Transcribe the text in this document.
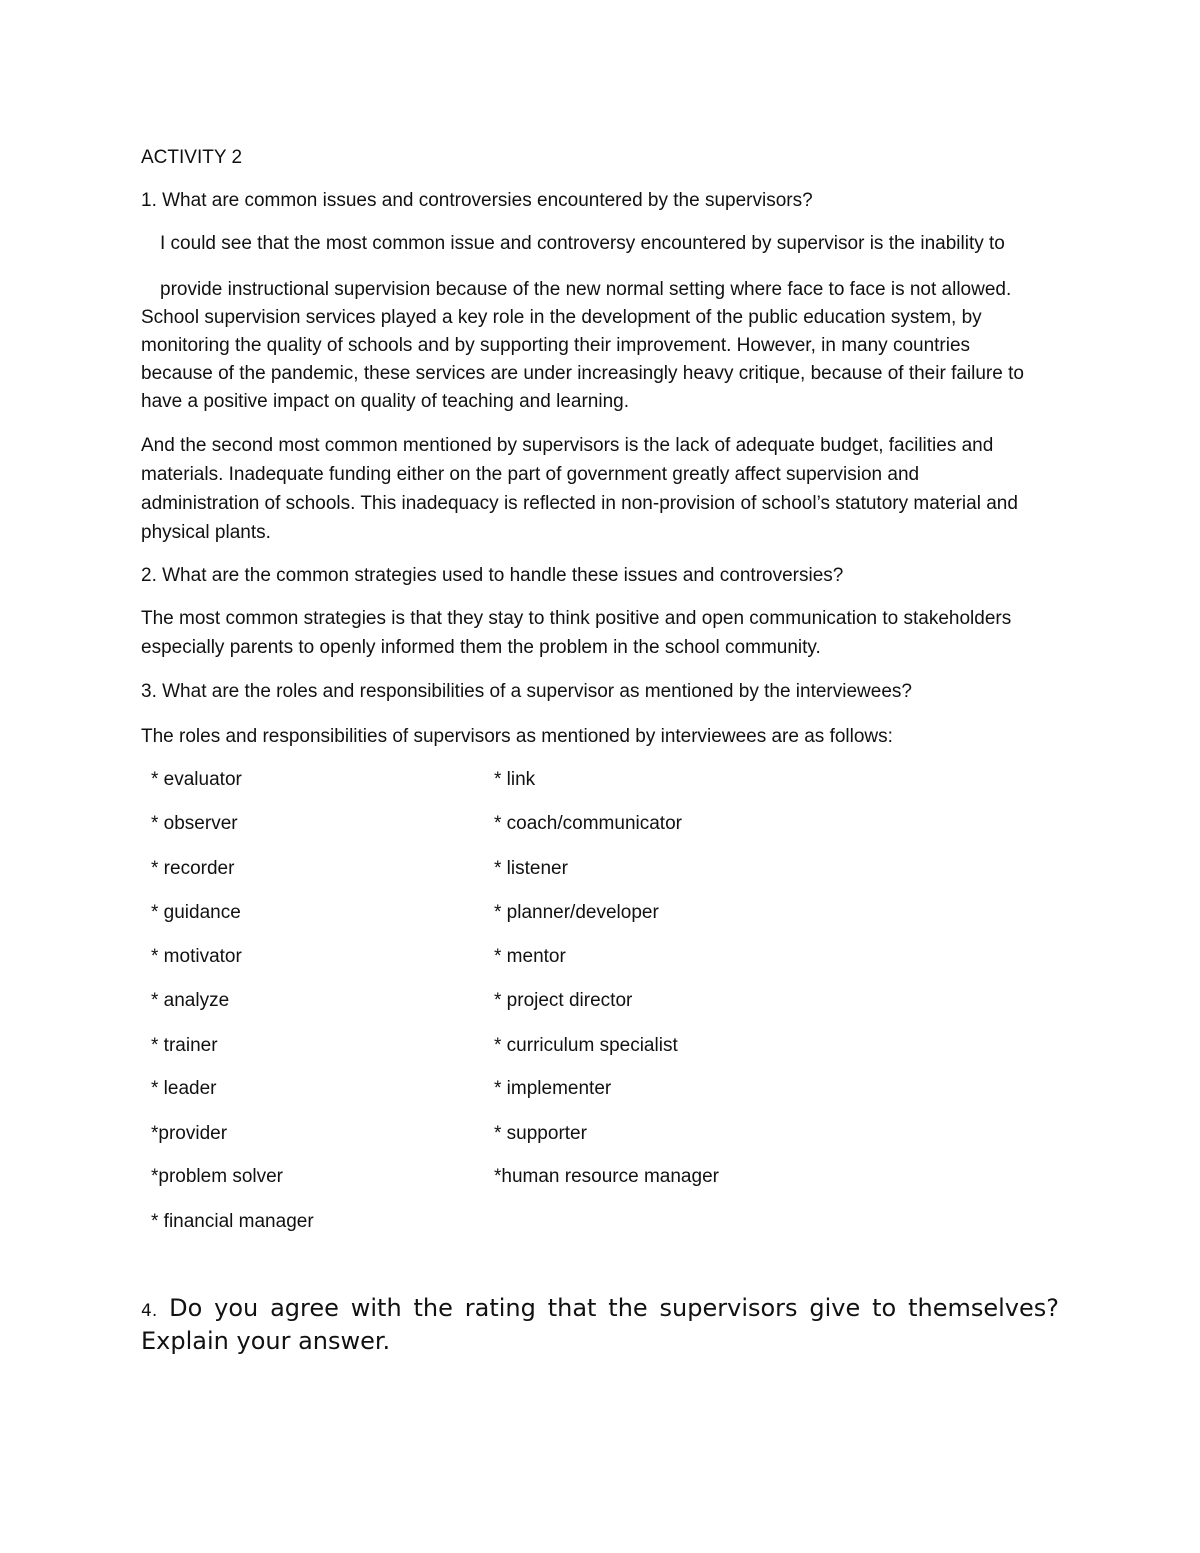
ACTIVITY 2

1. What are common issues and controversies encountered by the supervisors?

I could see that the most common issue and controversy encountered by supervisor is the inability to

provide instructional supervision because of the new normal setting where face to face is not allowed.

School supervision services played a key role in the development of the public education system, by

monitoring the quality of schools and by supporting their improvement. However, in many countries

because of the pandemic, these services are under increasingly heavy critique, because of their failure to

have a positive impact on quality of teaching and learning.

And the second most common mentioned by supervisors is the lack of adequate budget, facilities and

materials. Inadequate funding either on the part of government greatly affect supervision and

administration of schools. This inadequacy is reflected in non-provision of school’s statutory material and

physical plants.

2. What are the common strategies used to handle these issues and controversies?

The most common strategies is that they stay to think positive and open communication to stakeholders

especially parents to openly informed them the problem in the school community.

3. What are the roles and responsibilities of a supervisor as mentioned by the interviewees?

The roles and responsibilities of supervisors as mentioned by interviewees are as follows:

* evaluator

* observer

* recorder

* guidance

* motivator

* analyze

* trainer

* leader

*provider

*problem solver

* financial manager

* link

* coach/communicator

* listener

* planner/developer

* mentor

* project director

* curriculum specialist

* implementer

* supporter

*human resource manager

4. Do you agree with the rating that the supervisors give to themselves? Explain your answer.
